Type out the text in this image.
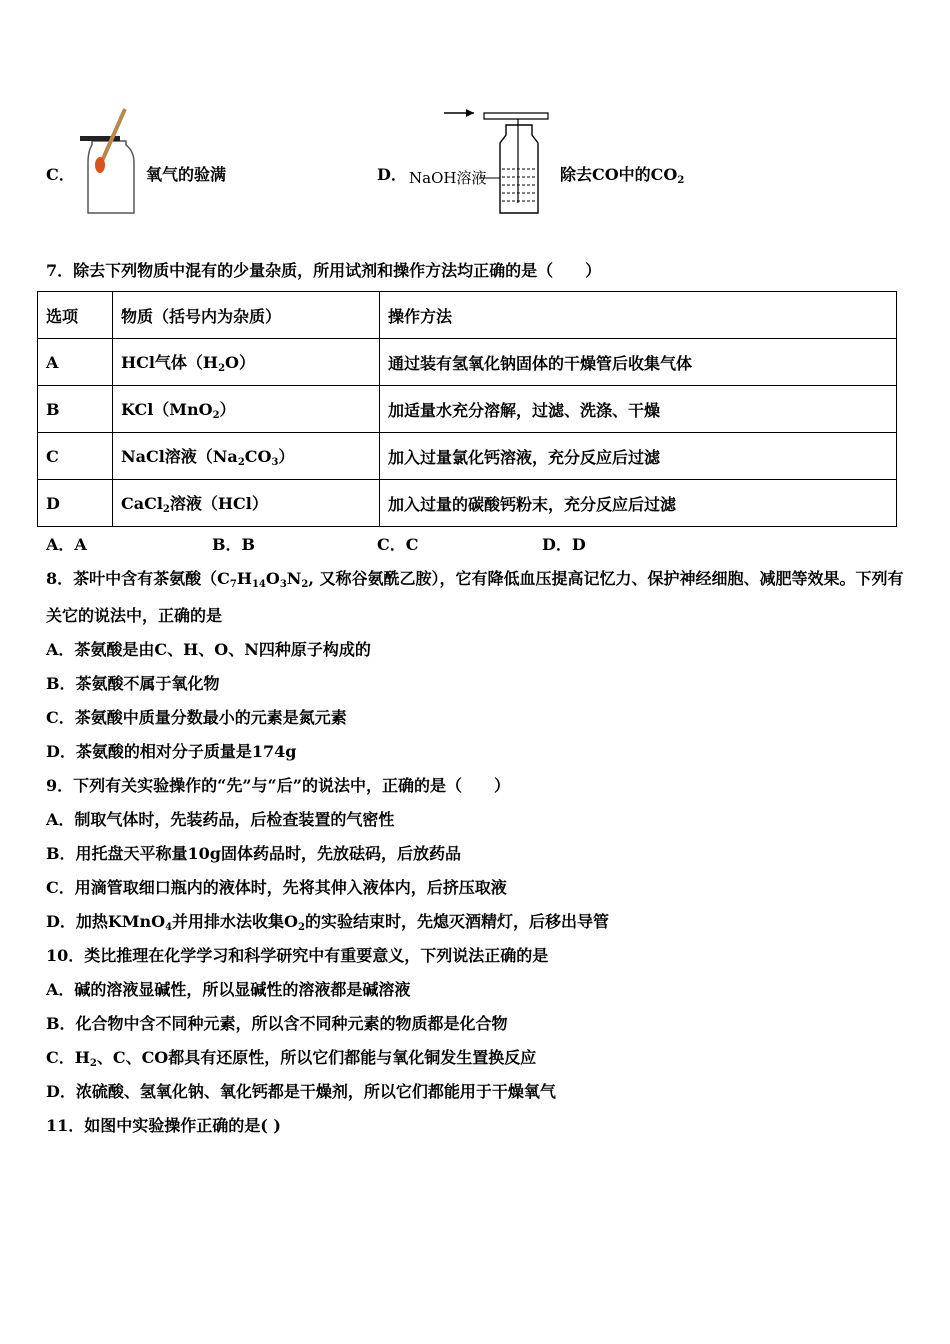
C．	氧气的验满	D． NaOH溶液	除去CO中的$CO_2$
7．除去下列物质中混有的少量杂质，所用试剂和操作方法均正确的是（　　）
选项	物质（括号内为杂质）	操作方法
A	HCl气体$(H_2O)$	通过装有氢氧化钠固体的干燥管后收集气体
B	KCl（MnO$_2$）	加适量水充分溶解，过滤、洗涤、干燥
C	NaCl溶液$(Na_2CO_3)$	加入过量氯化钙溶液，充分反应后过滤
D	CaCl$_2$溶液（HCl）	加入过量的碳酸钙粉末，充分反应后过滤
A．A	B．B	C．C	D．D
8．茶叶中含有茶氨酸（$C_7H_{14}O_3N_2$, 又称谷氨酰乙胺），它有降低血压提高记忆力、保护神经细胞、减肥等效果。下列有
关它的说法中，正确的是
A．茶氨酸是由C、H、O、N四种原子构成的
B．茶氨酸不属于氧化物
C．茶氨酸中质量分数最小的元素是氮元素
D．茶氨酸的相对分子质量是174g
9．下列有关实验操作的“先”与“后”的说法中，正确的是（　　）
A．制取气体时，先装药品，后检查装置的气密性
B．用托盘天平称量10g固体药品时，先放砝码，后放药品
C．用滴管取细口瓶内的液体时，先将其伸入液体内，后挤压取液
D．加热KMnO$_4$并用排水法收集$O_2$的实验结束时，先熄灭酒精灯，后移出导管
10．类比推理在化学学习和科学研究中有重要意义，下列说法正确的是
A．碱的溶液显碱性，所以显碱性的溶液都是碱溶液
B．化合物中含不同种元素，所以含不同种元素的物质都是化合物
C．$H_2$、C、CO都具有还原性，所以它们都能与氧化铜发生置换反应
D．浓硫酸、氢氧化钠、氧化钙都是干燥剂，所以它们都能用于干燥氧气
11．如图中实验操作正确的是( )
